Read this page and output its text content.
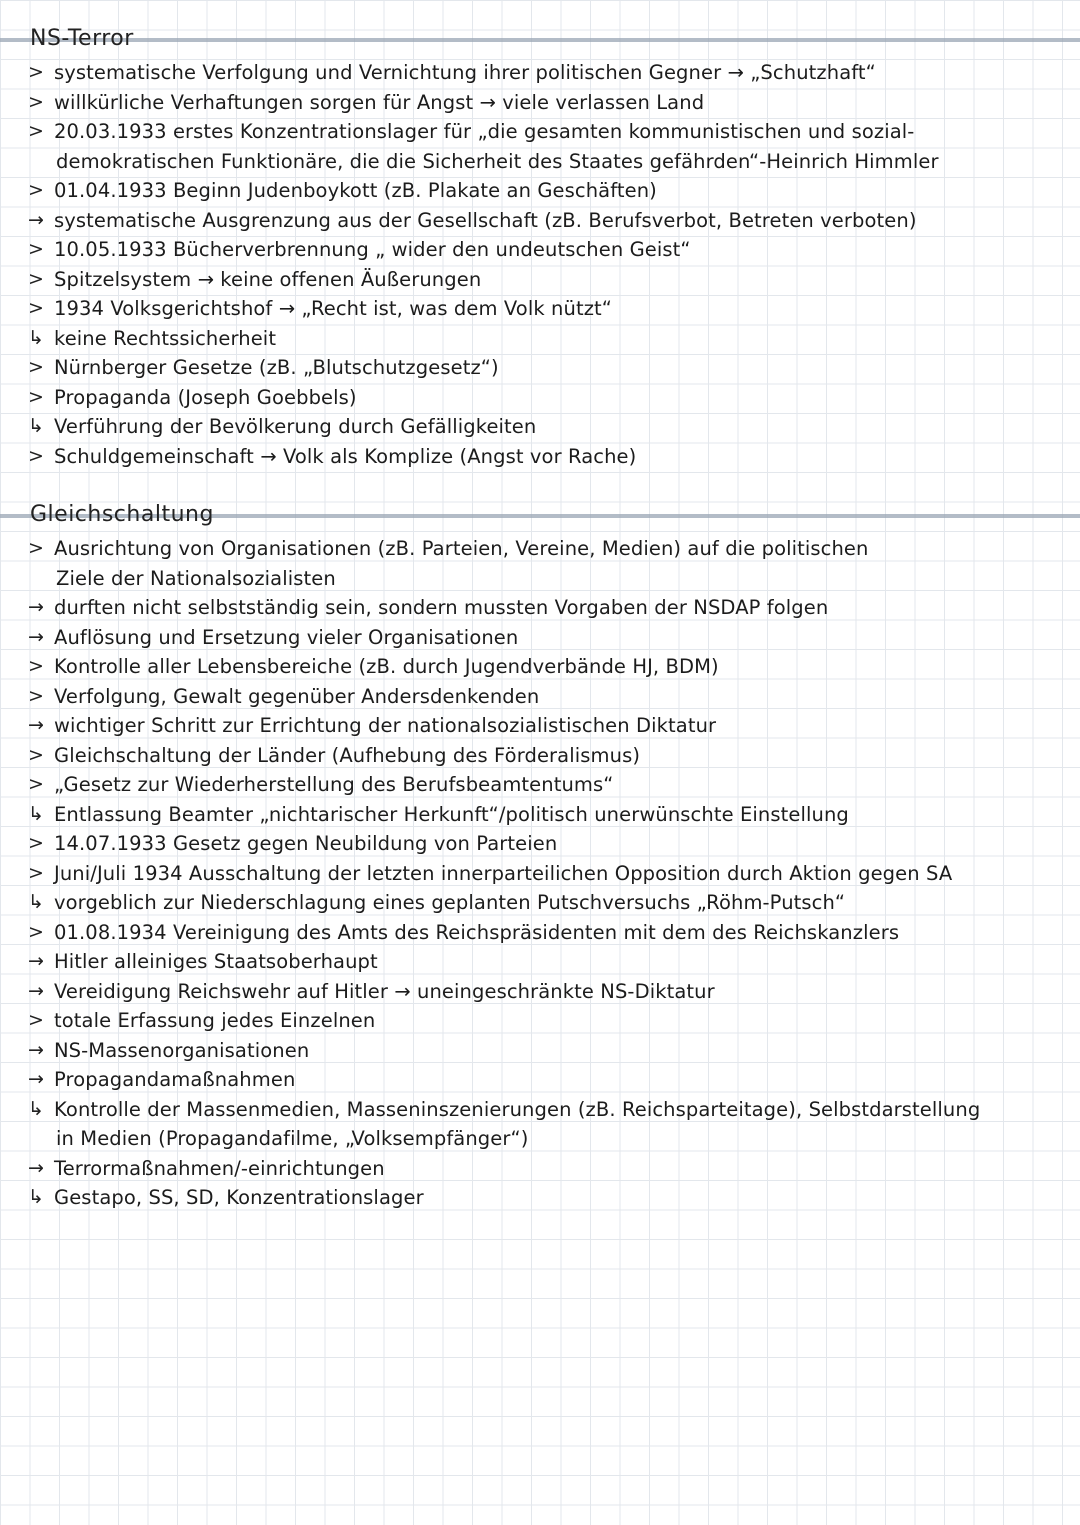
NS-Terror
> systematische Verfolgung und Vernichtung ihrer politischen Gegner → „Schutzhaft“
> willkürliche Verhaftungen sorgen für Angst → viele verlassen Land
> 20.03.1933 erstes Konzentrationslager für „die gesamten kommunistischen und sozial-
demokratischen Funktionäre, die die Sicherheit des Staates gefährden“-Heinrich Himmler
> 01.04.1933 Beginn Judenboykott (zB. Plakate an Geschäften)
→ systematische Ausgrenzung aus der Gesellschaft (zB. Berufsverbot, Betreten verboten)
> 10.05.1933 Bücherverbrennung „ wider den undeutschen Geist“
> Spitzelsystem → keine offenen Äußerungen
> 1934 Volksgerichtshof → „Recht ist, was dem Volk nützt“
↳ keine Rechtssicherheit
> Nürnberger Gesetze (zB. „Blutschutzgesetz“)
> Propaganda (Joseph Goebbels)
↳ Verführung der Bevölkerung durch Gefälligkeiten
> Schuldgemeinschaft → Volk als Komplize (Angst vor Rache)
Gleichschaltung
> Ausrichtung von Organisationen (zB. Parteien, Vereine, Medien) auf die politischen
Ziele der Nationalsozialisten
→ durften nicht selbstständig sein, sondern mussten Vorgaben der NSDAP folgen
→ Auflösung und Ersetzung vieler Organisationen
> Kontrolle aller Lebensbereiche (zB. durch Jugendverbände HJ, BDM)
> Verfolgung, Gewalt gegenüber Andersdenkenden
→ wichtiger Schritt zur Errichtung der nationalsozialistischen Diktatur
> Gleichschaltung der Länder (Aufhebung des Förderalismus)
> „Gesetz zur Wiederherstellung des Berufsbeamtentums“
↳ Entlassung Beamter „nichtarischer Herkunft“/politisch unerwünschte Einstellung
> 14.07.1933 Gesetz gegen Neubildung von Parteien
> Juni/Juli 1934 Ausschaltung der letzten innerparteilichen Opposition durch Aktion gegen SA
↳ vorgeblich zur Niederschlagung eines geplanten Putschversuchs „Röhm-Putsch“
> 01.08.1934 Vereinigung des Amts des Reichspräsidenten mit dem des Reichskanzlers
→ Hitler alleiniges Staatsoberhaupt
→ Vereidigung Reichswehr auf Hitler → uneingeschränkte NS-Diktatur
> totale Erfassung jedes Einzelnen
→ NS-Massenorganisationen
→ Propagandamaßnahmen
↳ Kontrolle der Massenmedien, Masseninszenierungen (zB. Reichsparteitage), Selbstdarstellung
in Medien (Propagandafilme, „Volksempfänger“)
→ Terrormaßnahmen/-einrichtungen
↳ Gestapo, SS, SD, Konzentrationslager
